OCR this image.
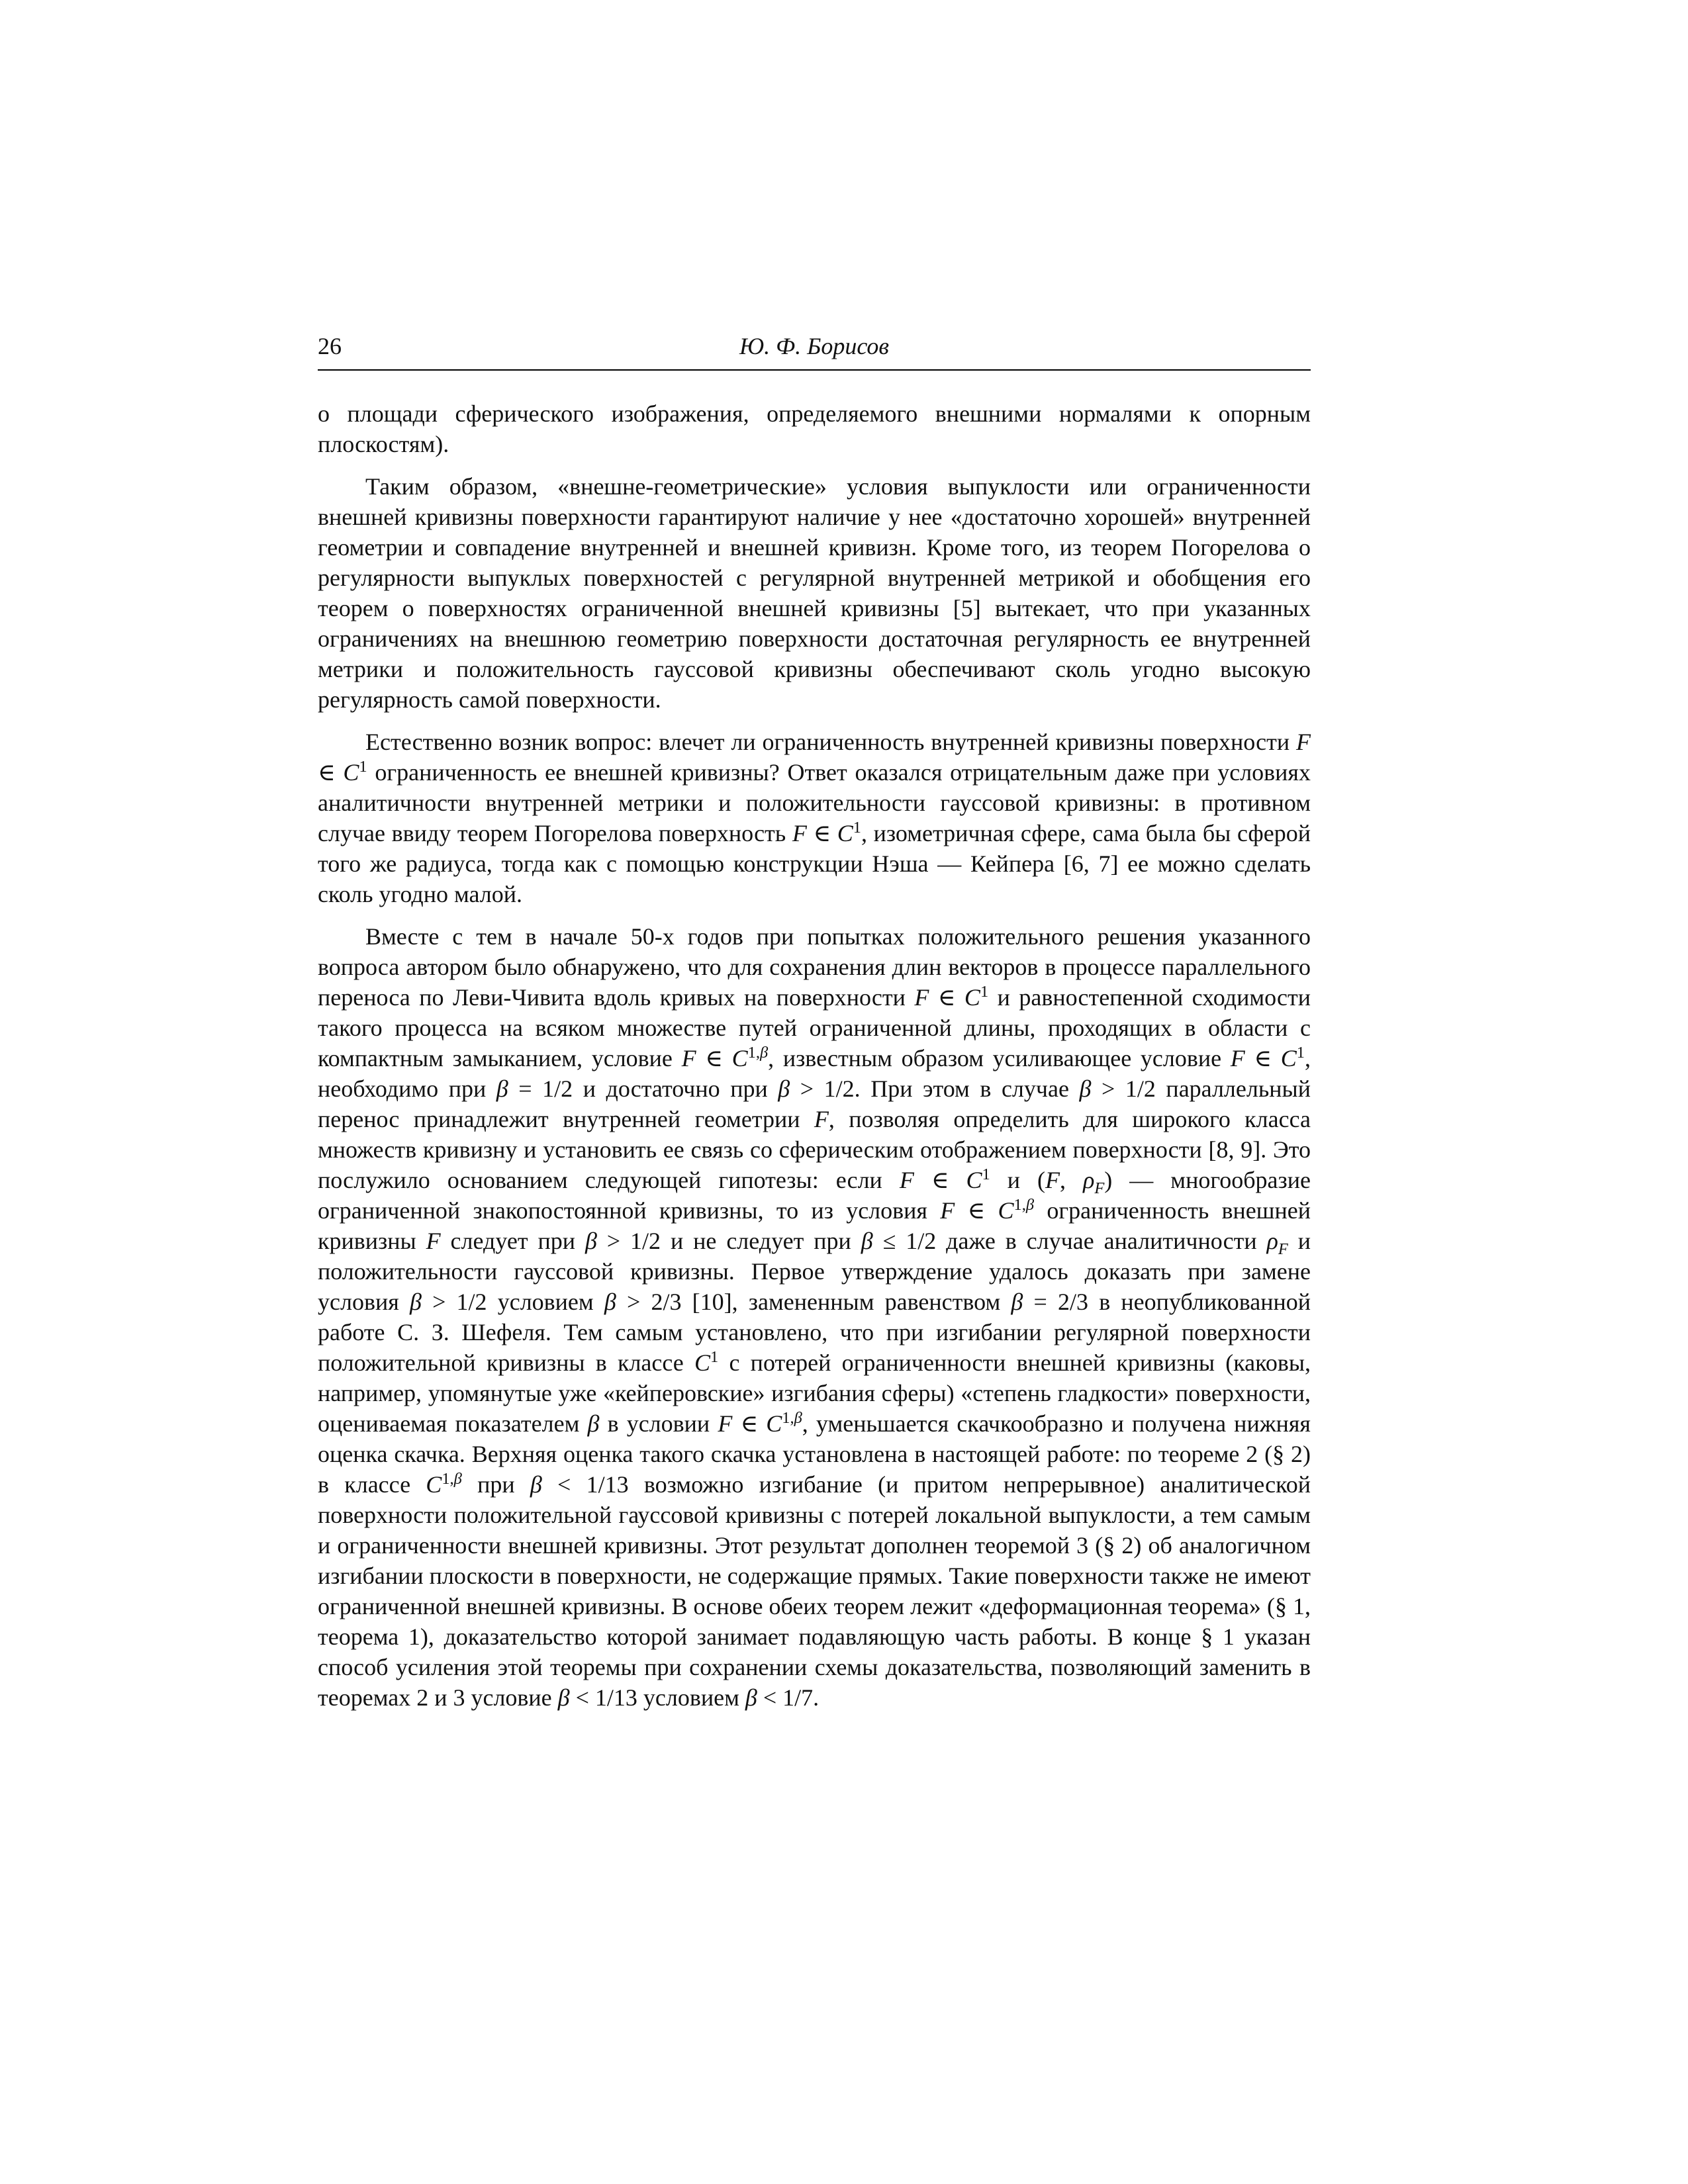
26	Ю. Ф. Борисов

о площади сферического изображения, определяемого внешними нормалями к опорным плоскостям).

Таким образом, «внешне-геометрические» условия выпуклости или ограниченности внешней кривизны поверхности гарантируют наличие у нее «достаточно хорошей» внутренней геометрии и совпадение внутренней и внешней кривизн. Кроме того, из теорем Погорелова о регулярности выпуклых поверхностей с регулярной внутренней метрикой и обобщения его теорем о поверхностях ограниченной внешней кривизны [5] вытекает, что при указанных ограничениях на внешнюю геометрию поверхности достаточная регулярность ее внутренней метрики и положительность гауссовой кривизны обеспечивают сколь угодно высокую регулярность самой поверхности.

Естественно возник вопрос: влечет ли ограниченность внутренней кривизны поверхности F ∈ $C^1$ ограниченность ее внешней кривизны? Ответ оказался отрицательным даже при условиях аналитичности внутренней метрики и положительности гауссовой кривизны: в противном случае ввиду теорем Погорелова поверхность F ∈ $C^1$, изометричная сфере, сама была бы сферой того же радиуса, тогда как с помощью конструкции Нэша — Кейпера [6, 7] ее можно сделать сколь угодно малой.

Вместе с тем в начале 50-х годов при попытках положительного решения указанного вопроса автором было обнаружено, что для сохранения длин векторов в процессе параллельного переноса по Леви-Чивита вдоль кривых на поверхности F ∈ $C^1$ и равностепенной сходимости такого процесса на всяком множестве путей ограниченной длины, проходящих в области с компактным замыканием, условие F ∈ $C^{1,\beta}$, известным образом усиливающее условие F ∈ $C^1$, необходимо при β = 1/2 и достаточно при β > 1/2. При этом в случае β > 1/2 параллельный перенос принадлежит внутренней геометрии F, позволяя определить для широкого класса множеств кривизну и установить ее связь со сферическим отображением поверхности [8, 9]. Это послужило основанием следующей гипотезы: если F ∈ $C^1$ и (F, $\rho_F$) — многообразие ограниченной знакопостоянной кривизны, то из условия F ∈ $C^{1,\beta}$ ограниченность внешней кривизны F следует при β > 1/2 и не следует при β ≤ 1/2 даже в случае аналитичности $\rho_F$ и положительности гауссовой кривизны. Первое утверждение удалось доказать при замене условия β > 1/2 условием β > 2/3 [10], замененным равенством β = 2/3 в неопубликованной работе С. З. Шефеля. Тем самым установлено, что при изгибании регулярной поверхности положительной кривизны в классе $C^1$ с потерей ограниченности внешней кривизны (каковы, например, упомянутые уже «кейперовские» изгибания сферы) «степень гладкости» поверхности, оцениваемая показателем β в условии F ∈ $C^{1,\beta}$, уменьшается скачкообразно и получена нижняя оценка скачка. Верхняя оценка такого скачка установлена в настоящей работе: по теореме 2 (§ 2) в классе $C^{1,\beta}$ при β < 1/13 возможно изгибание (и притом непрерывное) аналитической поверхности положительной гауссовой кривизны с потерей локальной выпуклости, а тем самым и ограниченности внешней кривизны. Этот результат дополнен теоремой 3 (§ 2) об аналогичном изгибании плоскости в поверхности, не содержащие прямых. Такие поверхности также не имеют ограниченной внешней кривизны. В основе обеих теорем лежит «деформационная теорема» (§ 1, теорема 1), доказательство которой занимает подавляющую часть работы. В конце § 1 указан способ усиления этой теоремы при сохранении схемы доказательства, позволяющий заменить в теоремах 2 и 3 условие β < 1/13 условием β < 1/7.
